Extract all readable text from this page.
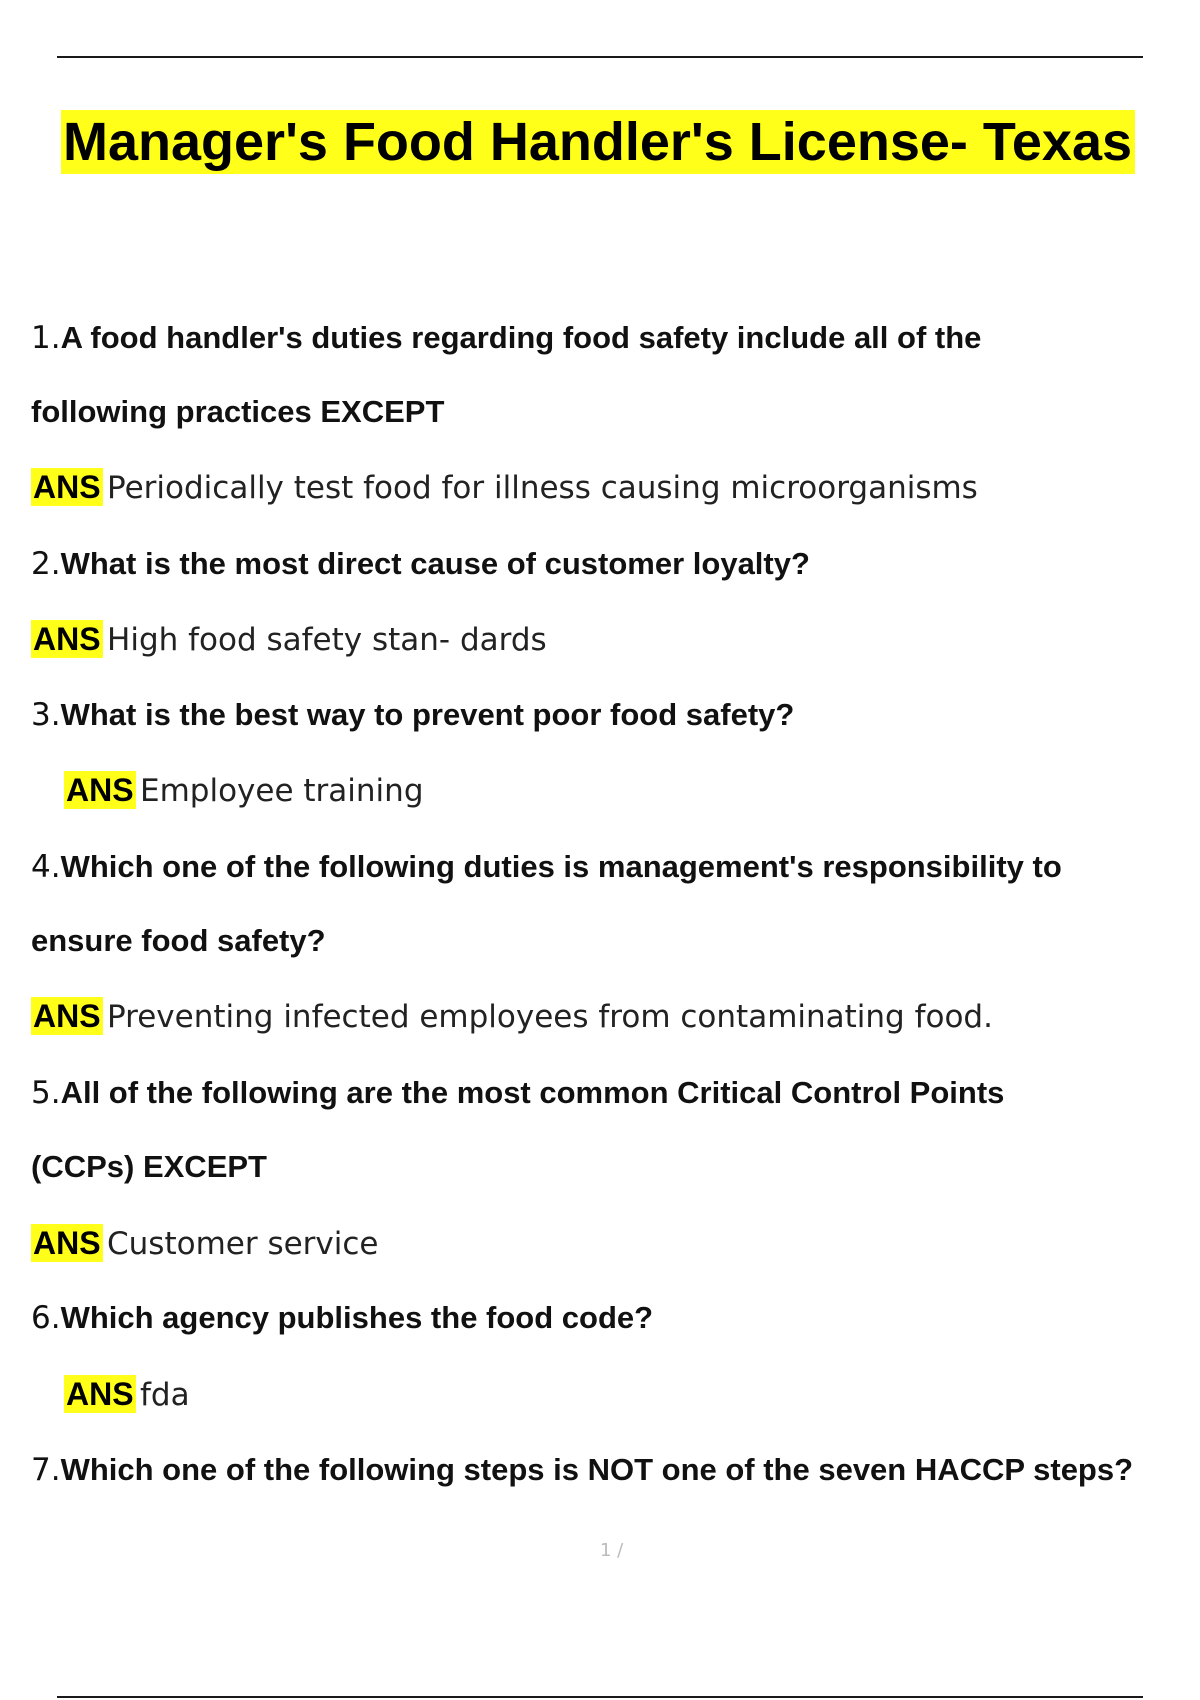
Manager's Food Handler's License- Texas
1.A food handler's duties regarding food safety include all of the
following practices EXCEPT
ANS Periodically test food for illness causing microorganisms
2.What is the most direct cause of customer loyalty?
ANS High food safety stan- dards
3.What is the best way to prevent poor food safety?
ANS Employee training
4.Which one of the following duties is management's responsibility to
ensure food safety?
ANS Preventing infected employees from contaminating food.
5.All of the following are the most common Critical Control Points
(CCPs) EXCEPT
ANS Customer service
6.Which agency publishes the food code?
ANS fda
7.Which one of the following steps is NOT one of the seven HACCP steps?
1 /
